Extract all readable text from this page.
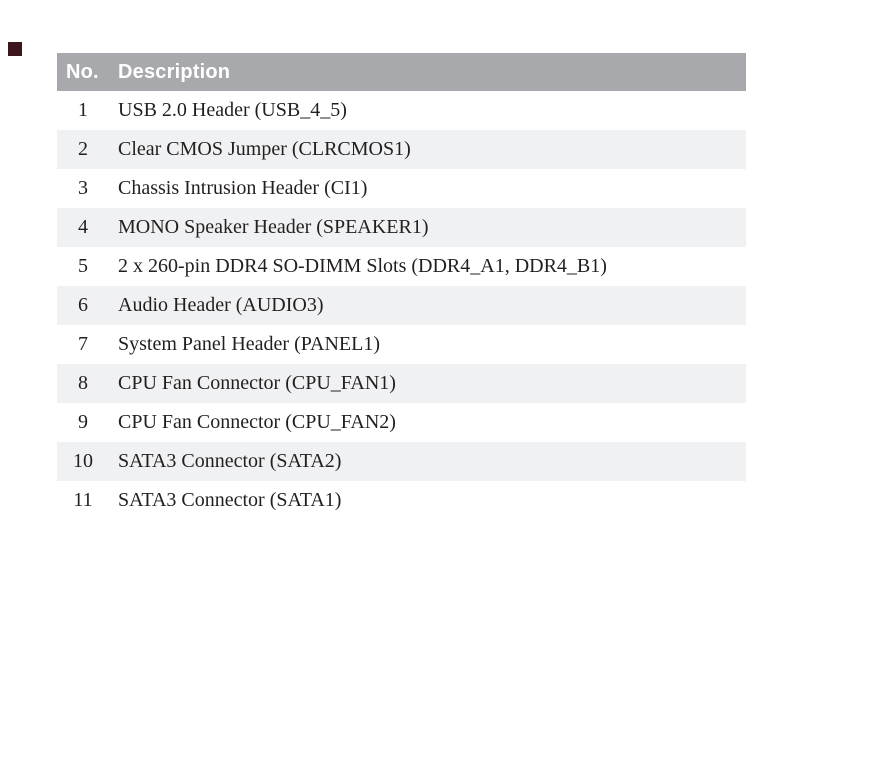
No.	Description
1	USB 2.0 Header (USB_4_5)
2	Clear CMOS Jumper (CLRCMOS1)
3	Chassis Intrusion Header (CI1)
4	MONO Speaker Header (SPEAKER1)
5	2 x 260-pin DDR4 SO-DIMM Slots (DDR4_A1, DDR4_B1)
6	Audio Header (AUDIO3)
7	System Panel Header (PANEL1)
8	CPU Fan Connector (CPU_FAN1)
9	CPU Fan Connector (CPU_FAN2)
10	SATA3 Connector (SATA2)
11	SATA3 Connector (SATA1)
